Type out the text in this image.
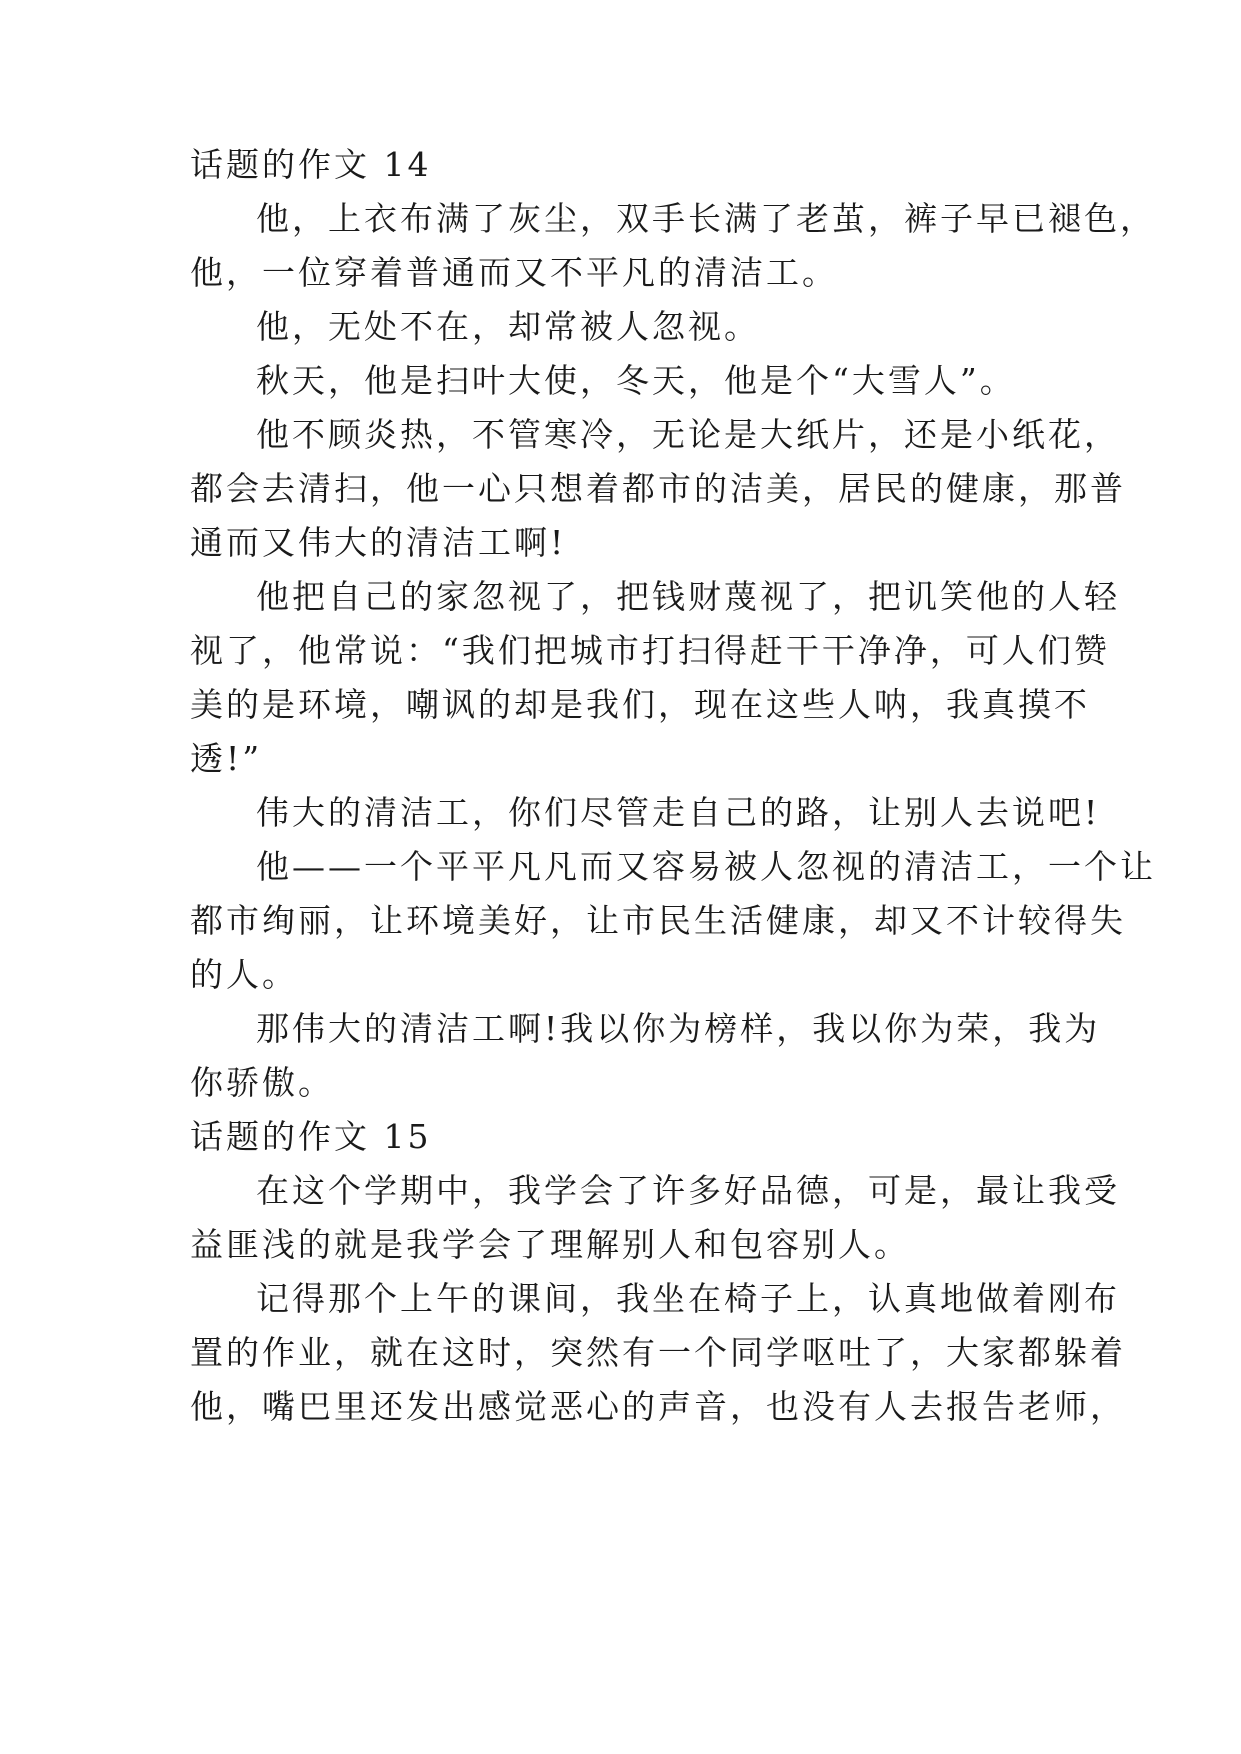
话题的作文 14
他，上衣布满了灰尘，双手长满了老茧，裤子早已褪色，
他，一位穿着普通而又不平凡的清洁工。
他，无处不在，却常被人忽视。
秋天，他是扫叶大使，冬天，他是个“大雪人”。
他不顾炎热，不管寒冷，无论是大纸片，还是小纸花，
都会去清扫，他一心只想着都市的洁美，居民的健康，那普
通而又伟大的清洁工啊!
他把自己的家忽视了，把钱财蔑视了，把讥笑他的人轻
视了，他常说：“我们把城市打扫得赶干干净净，可人们赞
美的是环境，嘲讽的却是我们，现在这些人呐，我真摸不
透!”
伟大的清洁工，你们尽管走自己的路，让别人去说吧!
他——一个平平凡凡而又容易被人忽视的清洁工，一个让
都市绚丽，让环境美好，让市民生活健康，却又不计较得失
的人。
那伟大的清洁工啊!我以你为榜样，我以你为荣，我为
你骄傲。
话题的作文 15
在这个学期中，我学会了许多好品德，可是，最让我受
益匪浅的就是我学会了理解别人和包容别人。
记得那个上午的课间，我坐在椅子上，认真地做着刚布
置的作业，就在这时，突然有一个同学呕吐了，大家都躲着
他，嘴巴里还发出感觉恶心的声音，也没有人去报告老师，
